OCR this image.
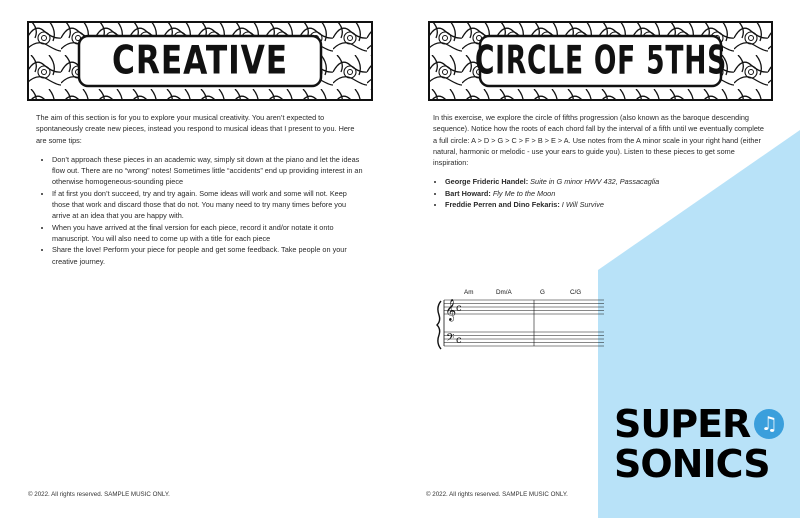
CREATIVE

The aim of this section is for you to explore your musical creativity. You aren’t expected to spontaneously create new pieces, instead you respond to musical ideas that I present to you. Here are some tips:

• Don’t approach these pieces in an academic way, simply sit down at the piano and let the ideas flow out. There are no “wrong” notes! Sometimes little “accidents” end up providing interest in an otherwise homogeneous-sounding piece
• If at first you don’t succeed, try and try again. Some ideas will work and some will not. Keep those that work and discard those that do not. You many need to try many times before you arrive at an idea that you are happy with.
• When you have arrived at the final version for each piece, record it and/or notate it onto manuscript. You will also need to come up with a title for each piece
• Share the love! Perform your piece for people and get some feedback. Take people on your creative journey.
© 2022. All rights reserved. SAMPLE MUSIC ONLY.
CIRCLE OF 5THS

In this exercise, we explore the circle of fifths progression (also known as the baroque descending sequence). Notice how the roots of each chord fall by the interval of a fifth until we eventually complete a full circle: A > D > G > C > F > B > E > A. Use notes from the A minor scale in your right hand (either natural, harmonic or melodic - use your ears to guide you). Listen to these pieces to get some inspiration:

• George Frideric Handel: Suite in G minor HWV 432, Passacaglia
• Bart Howard: Fly Me to the Moon
• Freddie Perren and Dino Fekaris: I Will Survive
Am	Dm/A	G	C/G
𝄞
𝄢
c
c
SUPER ♫
SONICS
© 2022. All rights reserved. SAMPLE MUSIC ONLY.
